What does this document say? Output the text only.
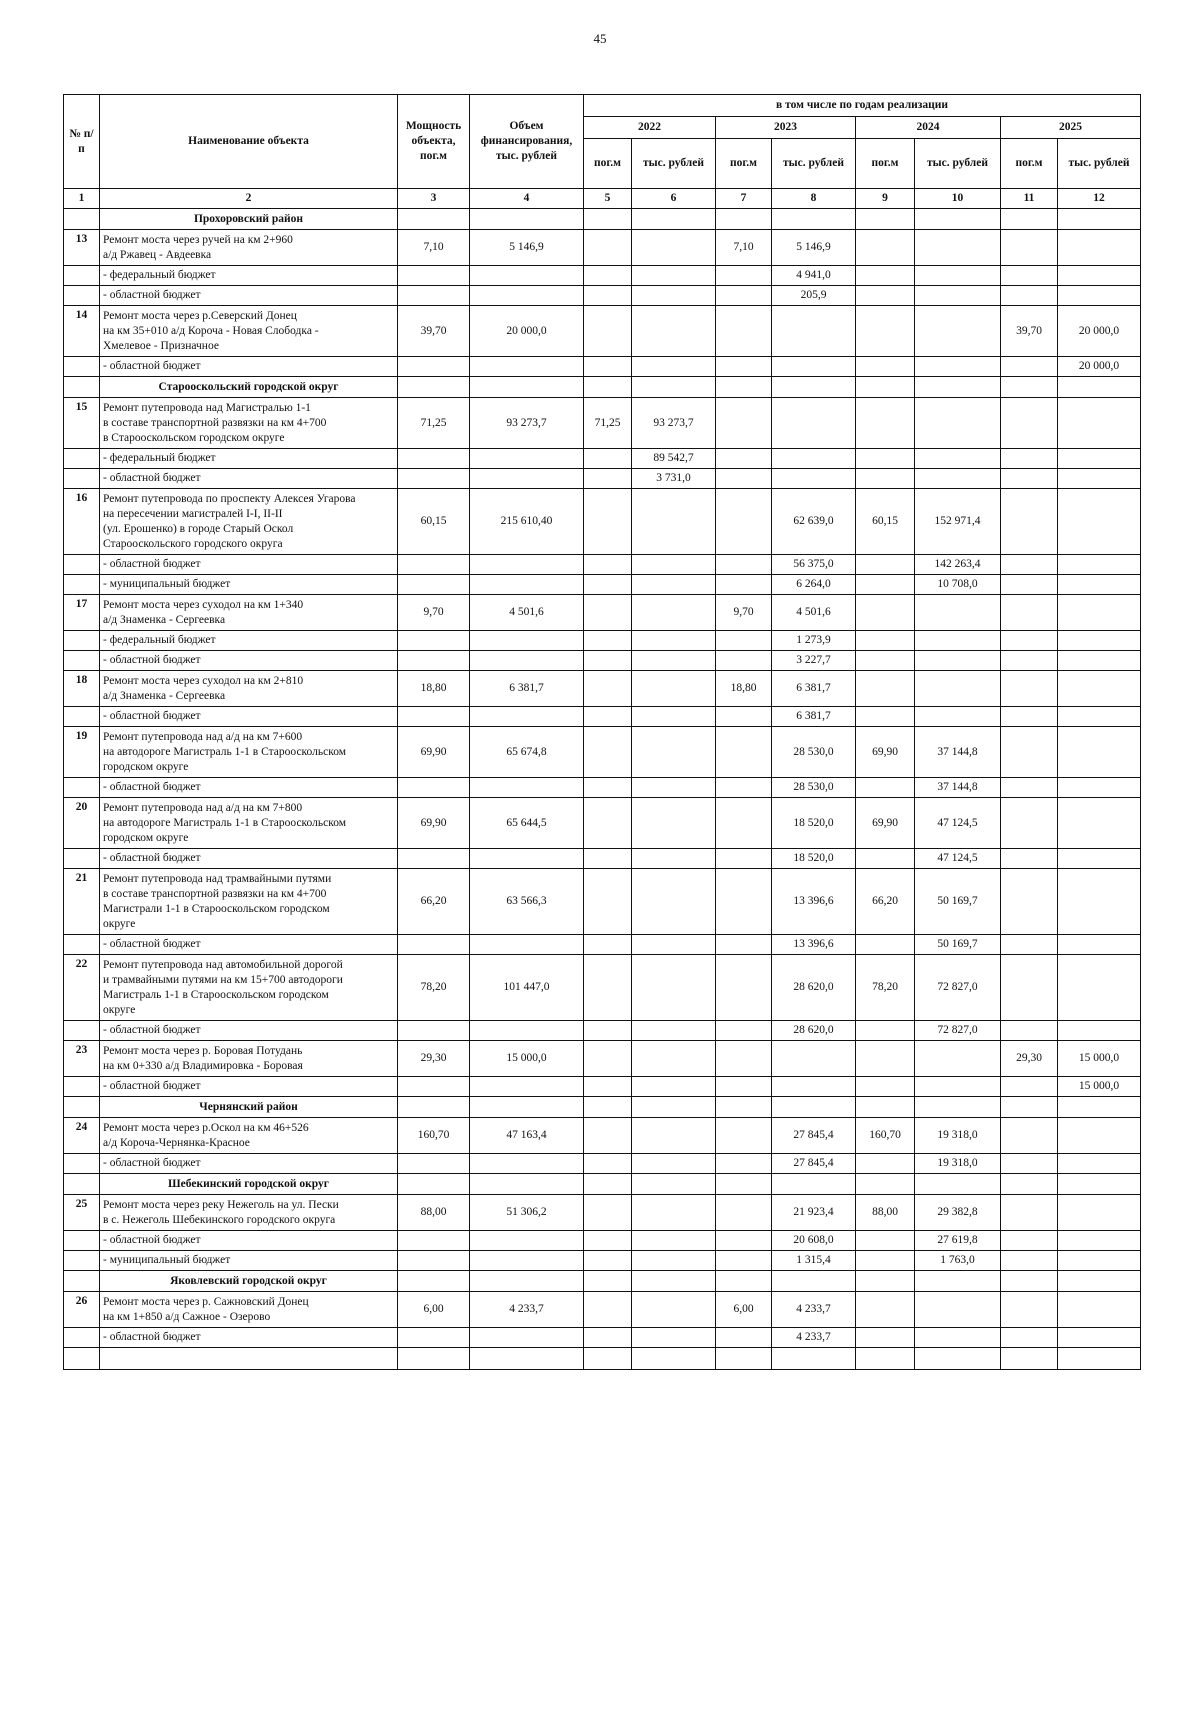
45
№ п/п	Наименование объекта	Мощность объекта, пог.м	Объем финансирования, тыс. рублей	в том числе по годам реализации							
				2022		2023		2024		2025	
				пог.м	тыс. рублей	пог.м	тыс. рублей	пог.м	тыс. рублей	пог.м	тыс. рублей
1	2	3	4	5	6	7	8	9	10	11	12
	Прохоровский район										
13	Ремонт моста через ручей на км 2+960
а/д Ржавец - Авдеевка	7,10	5 146,9			7,10	5 146,9				
	- федеральный бюджет						4 941,0				
	- областной бюджет						205,9				
14	Ремонт моста через р.Северский Донец
на км 35+010 а/д Короча - Новая Слободка -
Хмелевое - Призначное	39,70	20 000,0							39,70	20 000,0
	- областной бюджет										20 000,0
	Старооскольский городской округ										
15	Ремонт путепровода над Магистралью 1-1
в составе транспортной развязки на км 4+700
в Старооскольском городском округе	71,25	93 273,7	71,25	93 273,7						
	- федеральный бюджет				89 542,7						
	- областной бюджет				3 731,0						
16	Ремонт путепровода по проспекту Алексея Угарова
на пересечении магистралей I-I, II-II
(ул. Ерошенко) в городе Старый Оскол
Старооскольского городского округа	60,15	215 610,40				62 639,0	60,15	152 971,4		
	- областной бюджет						56 375,0		142 263,4		
	- муниципальный бюджет						6 264,0		10 708,0		
17	Ремонт моста через суходол на км 1+340
а/д Знаменка - Сергеевка	9,70	4 501,6			9,70	4 501,6				
	- федеральный бюджет						1 273,9				
	- областной бюджет						3 227,7				
18	Ремонт моста через суходол на км 2+810
а/д Знаменка - Сергеевка	18,80	6 381,7			18,80	6 381,7				
	- областной бюджет						6 381,7				
19	Ремонт путепровода над а/д на км 7+600
на автодороге Магистраль 1-1 в Старооскольском
городском округе	69,90	65 674,8				28 530,0	69,90	37 144,8		
	- областной бюджет						28 530,0		37 144,8		
20	Ремонт путепровода над а/д на км 7+800
на автодороге Магистраль 1-1 в Старооскольском
городском округе	69,90	65 644,5				18 520,0	69,90	47 124,5		
	- областной бюджет						18 520,0		47 124,5		
21	Ремонт путепровода над трамвайными путями
в составе транспортной развязки на км 4+700
Магистрали 1-1 в Старооскольском городском
округе	66,20	63 566,3				13 396,6	66,20	50 169,7		
	- областной бюджет						13 396,6		50 169,7		
22	Ремонт путепровода над автомобильной дорогой
и трамвайными путями на км 15+700 автодороги
Магистраль 1-1 в Старооскольском городском
округе	78,20	101 447,0				28 620,0	78,20	72 827,0		
	- областной бюджет						28 620,0		72 827,0		
23	Ремонт моста через р. Боровая Потудань
на км 0+330 а/д Владимировка - Боровая	29,30	15 000,0							29,30	15 000,0
	- областной бюджет										15 000,0
	Чернянский район										
24	Ремонт моста через р.Оскол на км 46+526
а/д Короча-Чернянка-Красное	160,70	47 163,4				27 845,4	160,70	19 318,0		
	- областной бюджет						27 845,4		19 318,0		
	Шебекинский городской округ										
25	Ремонт моста через реку Нежеголь на ул. Пески
в с. Нежеголь Шебекинского городского округа	88,00	51 306,2				21 923,4	88,00	29 382,8		
	- областной бюджет						20 608,0		27 619,8		
	- муниципальный бюджет						1 315,4		1 763,0		
	Яковлевский городской округ										
26	Ремонт моста через р. Сажновский Донец
на км 1+850 а/д Сажное - Озерово	6,00	4 233,7			6,00	4 233,7				
	- областной бюджет						4 233,7				
